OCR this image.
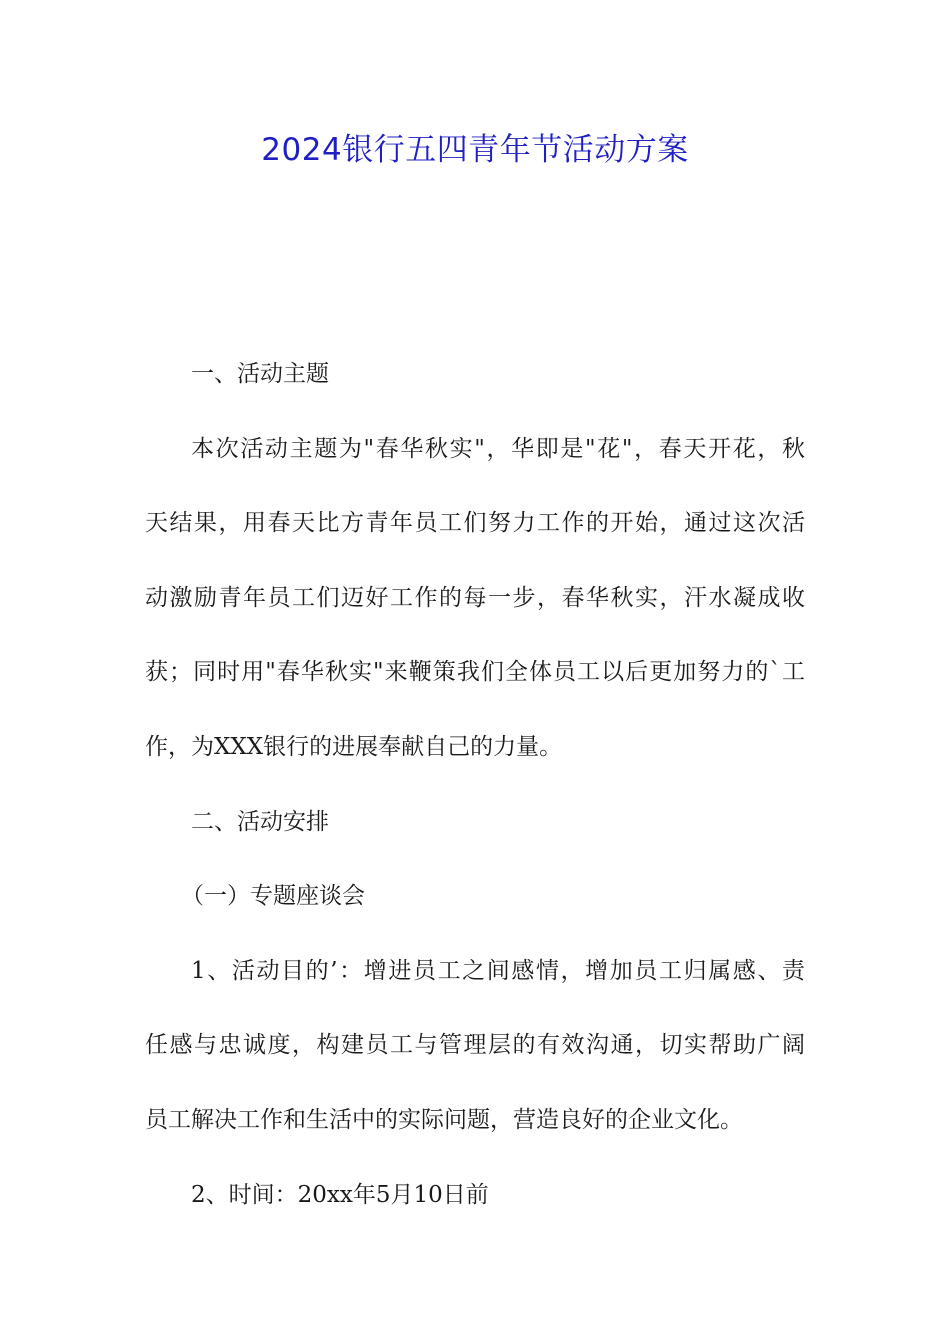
2024银行五四青年节活动方案

一、活动主题

本次活动主题为"春华秋实"，华即是"花"，春天开花，秋

天结果，用春天比方青年员工们努力工作的开始，通过这次活

动激励青年员工们迈好工作的每一步，春华秋实，汗水凝成收

获；同时用"春华秋实"来鞭策我们全体员工以后更加努力的`工

作，为XXX银行的进展奉献自己的力量。

二、活动安排

（一）专题座谈会

1、活动目的’：增进员工之间感情，增加员工归属感、责

任感与忠诚度，构建员工与管理层的有效沟通，切实帮助广阔

员工解决工作和生活中的实际问题，营造良好的企业文化。

2、时间：20xx年5月10日前
